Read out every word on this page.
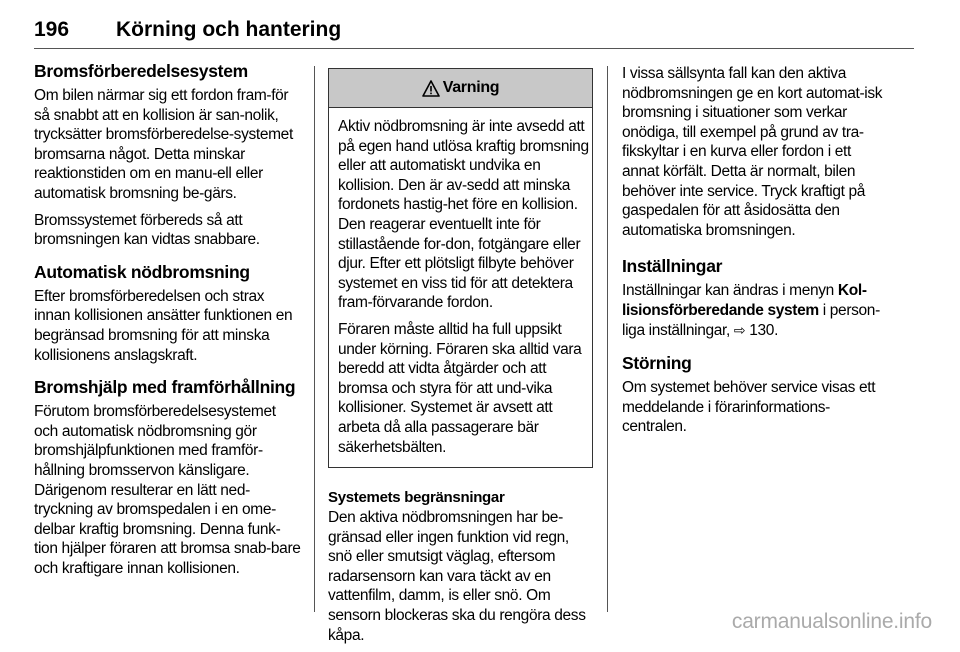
196 Körning och hantering
Bromsförberedelsesystem

Om bilen närmar sig ett fordon fram-för så snabbt att en kollision är san-nolik, trycksätter bromsförberedelse-systemet bromsarna något. Detta minskar reaktionstiden om en manu-ell eller automatisk bromsning be-gärs.

Bromssystemet förbereds så att bromsningen kan vidtas snabbare.

Automatisk nödbromsning

Efter bromsförberedelsen och strax innan kollisionen ansätter funktionen en begränsad bromsning för att minska kollisionens anslagskraft.

Bromshjälp med framförhållning

Förutom bromsförberedelsesystemet och automatisk nödbromsning gör bromshjälpfunktionen med framför-hållning bromsservon känsligare. Därigenom resulterar en lätt ned-tryckning av bromspedalen i en ome-delbar kraftig bromsning. Denna funk-tion hjälper föraren att bromsa snab-bare och kraftigare innan kollisionen.

Varning

Aktiv nödbromsning är inte avsedd att på egen hand utlösa kraftig bromsning eller att automatiskt undvika en kollision. Den är av-sedd att minska fordonets hastig-het före en kollision. Den reagerar eventuellt inte för stillastående for-don, fotgängare eller djur. Efter ett plötsligt filbyte behöver systemet en viss tid för att detektera fram-förvarande fordon.

Föraren måste alltid ha full uppsikt under körning. Föraren ska alltid vara beredd att vidta åtgärder och att bromsa och styra för att und-vika kollisioner. Systemet är avsett att arbeta då alla passagerare bär säkerhetsbälten.

Systemets begränsningar

Den aktiva nödbromsningen har be-gränsad eller ingen funktion vid regn, snö eller smutsigt väglag, eftersom radarsensorn kan vara täckt av en vattenfilm, damm, is eller snö. Om sensorn blockeras ska du rengöra dess kåpa.

I vissa sällsynta fall kan den aktiva nödbromsningen ge en kort automat-isk bromsning i situationer som verkar onödiga, till exempel på grund av tra-fikskyltar i en kurva eller fordon i ett annat körfält. Detta är normalt, bilen behöver inte service. Tryck kraftigt på gaspedalen för att åsidosätta den automatiska bromsningen.

Inställningar

Inställningar kan ändras i menyn Kol-lisionsförberedande system i person-liga inställningar, ⇨ 130.

Störning

Om systemet behöver service visas ett meddelande i förarinformations-centralen.

carmanualsonline.info
